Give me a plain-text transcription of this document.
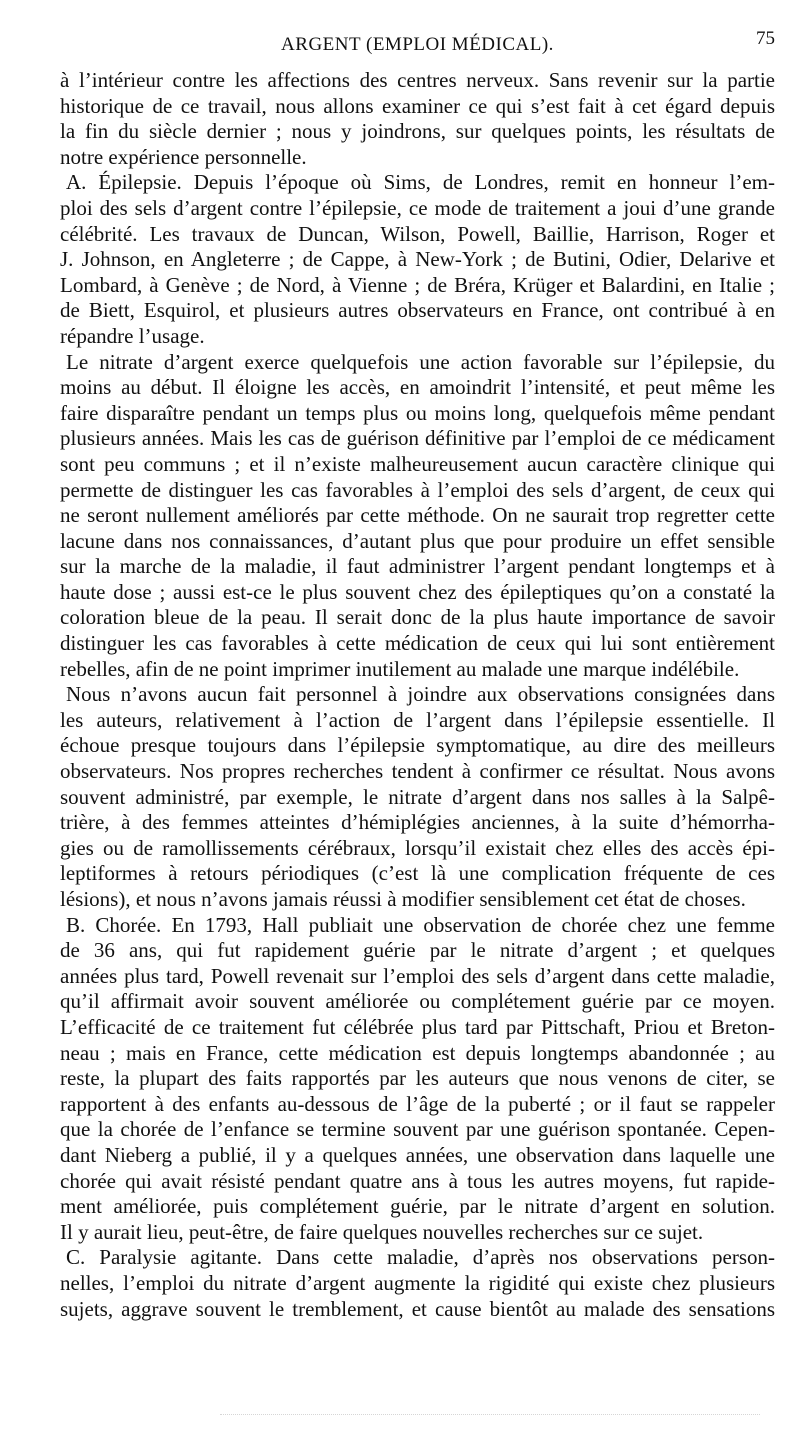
ARGENT (EMPLOI MÉDICAL).	75
à l’intérieur contre les affections des centres nerveux. Sans revenir sur la partie
historique de ce travail, nous allons examiner ce qui s’est fait à cet égard depuis
la fin du siècle dernier ; nous y joindrons, sur quelques points, les résultats de
notre expérience personnelle.
A. Épilepsie. Depuis l’époque où Sims, de Londres, remit en honneur l’em-
ploi des sels d’argent contre l’épilepsie, ce mode de traitement a joui d’une grande
célébrité. Les travaux de Duncan, Wilson, Powell, Baillie, Harrison, Roger et
J. Johnson, en Angleterre ; de Cappe, à New-York ; de Butini, Odier, Delarive et
Lombard, à Genève ; de Nord, à Vienne ; de Bréra, Krüger et Balardini, en Italie ;
de Biett, Esquirol, et plusieurs autres observateurs en France, ont contribué à en
répandre l’usage.
Le nitrate d’argent exerce quelquefois une action favorable sur l’épilepsie, du
moins au début. Il éloigne les accès, en amoindrit l’intensité, et peut même les
faire disparaître pendant un temps plus ou moins long, quelquefois même pendant
plusieurs années. Mais les cas de guérison définitive par l’emploi de ce médicament
sont peu communs ; et il n’existe malheureusement aucun caractère clinique qui
permette de distinguer les cas favorables à l’emploi des sels d’argent, de ceux qui
ne seront nullement améliorés par cette méthode. On ne saurait trop regretter cette
lacune dans nos connaissances, d’autant plus que pour produire un effet sensible
sur la marche de la maladie, il faut administrer l’argent pendant longtemps et à
haute dose ; aussi est-ce le plus souvent chez des épileptiques qu’on a constaté la
coloration bleue de la peau. Il serait donc de la plus haute importance de savoir
distinguer les cas favorables à cette médication de ceux qui lui sont entièrement
rebelles, afin de ne point imprimer inutilement au malade une marque indélébile.
Nous n’avons aucun fait personnel à joindre aux observations consignées dans
les auteurs, relativement à l’action de l’argent dans l’épilepsie essentielle. Il
échoue presque toujours dans l’épilepsie symptomatique, au dire des meilleurs
observateurs. Nos propres recherches tendent à confirmer ce résultat. Nous avons
souvent administré, par exemple, le nitrate d’argent dans nos salles à la Salpê-
trière, à des femmes atteintes d’hémiplégies anciennes, à la suite d’hémorrha-
gies ou de ramollissements cérébraux, lorsqu’il existait chez elles des accès épi-
leptiformes à retours périodiques (c’est là une complication fréquente de ces
lésions), et nous n’avons jamais réussi à modifier sensiblement cet état de choses.
B. Chorée. En 1793, Hall publiait une observation de chorée chez une femme
de 36 ans, qui fut rapidement guérie par le nitrate d’argent ; et quelques
années plus tard, Powell revenait sur l’emploi des sels d’argent dans cette maladie,
qu’il affirmait avoir souvent améliorée ou complétement guérie par ce moyen.
L’efficacité de ce traitement fut célébrée plus tard par Pittschaft, Priou et Breton-
neau ; mais en France, cette médication est depuis longtemps abandonnée ; au
reste, la plupart des faits rapportés par les auteurs que nous venons de citer, se
rapportent à des enfants au-dessous de l’âge de la puberté ; or il faut se rappeler
que la chorée de l’enfance se termine souvent par une guérison spontanée. Cepen-
dant Nieberg a publié, il y a quelques années, une observation dans laquelle une
chorée qui avait résisté pendant quatre ans à tous les autres moyens, fut rapide-
ment améliorée, puis complétement guérie, par le nitrate d’argent en solution.
Il y aurait lieu, peut-être, de faire quelques nouvelles recherches sur ce sujet.
C. Paralysie agitante. Dans cette maladie, d’après nos observations person-
nelles, l’emploi du nitrate d’argent augmente la rigidité qui existe chez plusieurs
sujets, aggrave souvent le tremblement, et cause bientôt au malade des sensations
